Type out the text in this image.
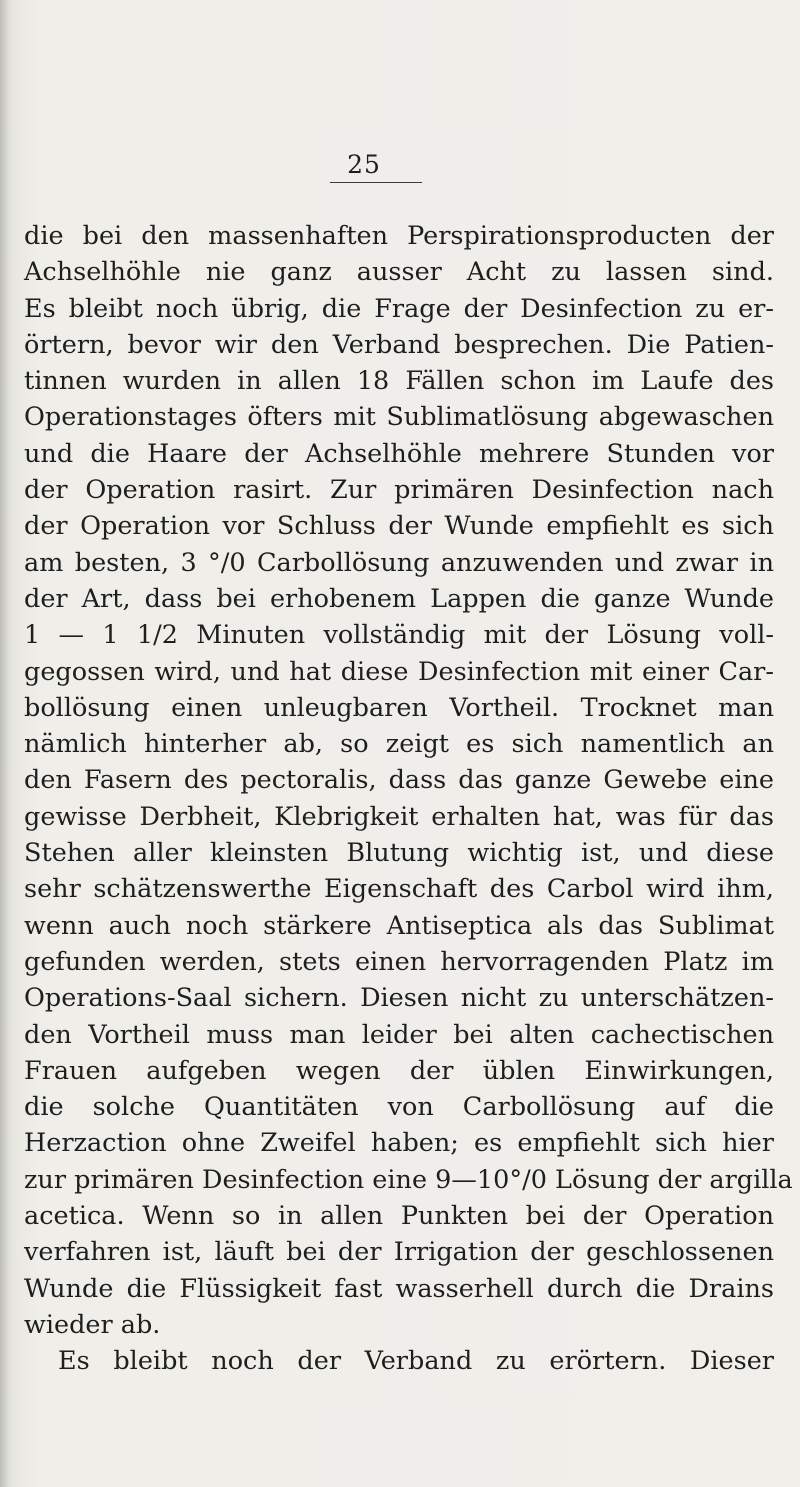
25
die bei den massenhaften Perspirationsproducten der
Achselhöhle nie ganz ausser Acht zu lassen sind.
Es bleibt noch übrig, die Frage der Desinfection zu er-
örtern, bevor wir den Verband besprechen. Die Patien-
tinnen wurden in allen 18 Fällen schon im Laufe des
Operationstages öfters mit Sublimatlösung abgewaschen
und die Haare der Achselhöhle mehrere Stunden vor
der Operation rasirt. Zur primären Desinfection nach
der Operation vor Schluss der Wunde empfiehlt es sich
am besten, 3 °/0 Carbollösung anzuwenden und zwar in
der Art, dass bei erhobenem Lappen die ganze Wunde
1 — 1 1/2 Minuten vollständig mit der Lösung voll-
gegossen wird, und hat diese Desinfection mit einer Car-
bollösung einen unleugbaren Vortheil. Trocknet man
nämlich hinterher ab, so zeigt es sich namentlich an
den Fasern des pectoralis, dass das ganze Gewebe eine
gewisse Derbheit, Klebrigkeit erhalten hat, was für das
Stehen aller kleinsten Blutung wichtig ist, und diese
sehr schätzenswerthe Eigenschaft des Carbol wird ihm,
wenn auch noch stärkere Antiseptica als das Sublimat
gefunden werden, stets einen hervorragenden Platz im
Operations-Saal sichern. Diesen nicht zu unterschätzen-
den Vortheil muss man leider bei alten cachectischen
Frauen aufgeben wegen der üblen Einwirkungen,
die solche Quantitäten von Carbollösung auf die
Herzaction ohne Zweifel haben; es empfiehlt sich hier
zur primären Desinfection eine 9—10°/0 Lösung der argilla
acetica. Wenn so in allen Punkten bei der Operation
verfahren ist, läuft bei der Irrigation der geschlossenen
Wunde die Flüssigkeit fast wasserhell durch die Drains
wieder ab.
Es bleibt noch der Verband zu erörtern. Dieser
